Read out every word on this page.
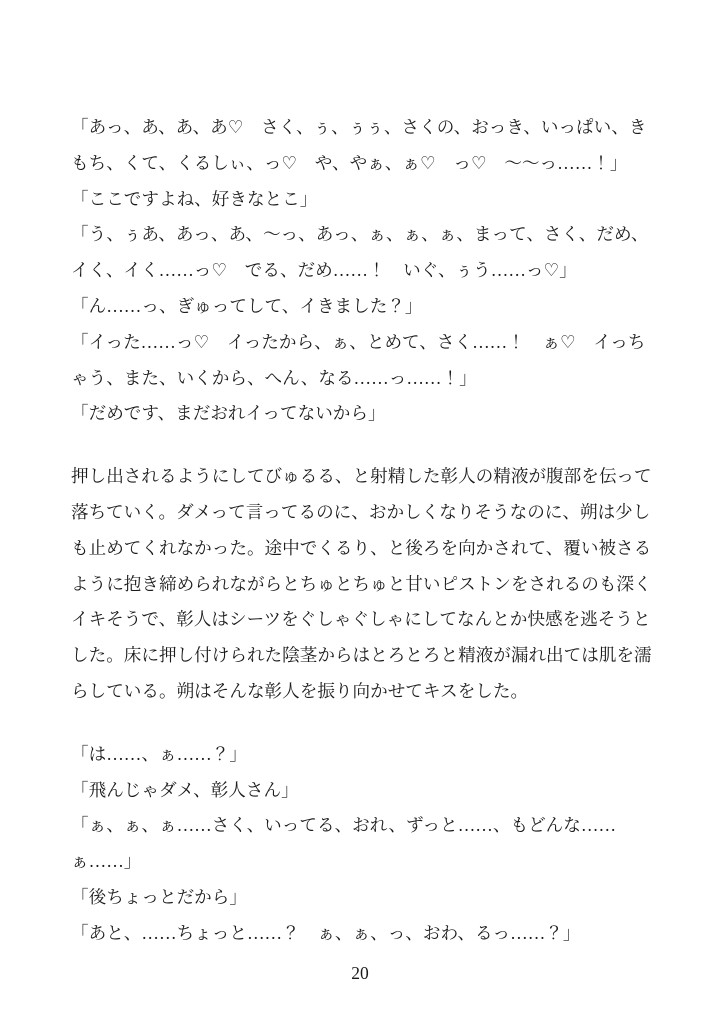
「あっ、あ、あ、あ♡　さく、ぅ、ぅぅ、さくの、おっき、いっぱい、き

もち、くて、くるしぃ、っ♡　や、やぁ、ぁ♡　っ♡　〜〜っ……！」

「ここですよね、好きなとこ」

「う、ぅあ、あっ、あ、〜っ、あっ、ぁ、ぁ、ぁ、まって、さく、だめ、

イく、イく……っ♡　でる、だめ……！　いぐ、ぅう……っ♡」

「ん……っ、ぎゅってして、イきました？」

「イった……っ♡　イったから、ぁ、とめて、さく……！　ぁ♡　イっち

ゃう、また、いくから、へん、なる……っ……！」

「だめです、まだおれイってないから」

押し出されるようにしてびゅるる、と射精した彰人の精液が腹部を伝って

落ちていく。ダメって言ってるのに、おかしくなりそうなのに、朔は少し

も止めてくれなかった。途中でくるり、と後ろを向かされて、覆い被さる

ように抱き締められながらとちゅとちゅと甘いピストンをされるのも深く

イキそうで、彰人はシーツをぐしゃぐしゃにしてなんとか快感を逃そうと

した。床に押し付けられた陰茎からはとろとろと精液が漏れ出ては肌を濡

らしている。朔はそんな彰人を振り向かせてキスをした。

「は……、ぁ……？」

「飛んじゃダメ、彰人さん」

「ぁ、ぁ、ぁ……さく、いってる、おれ、ずっと……、もどんな……

ぁ……」

「後ちょっとだから」

「あと、……ちょっと……？　ぁ、ぁ、っ、おわ、るっ……？」

20
